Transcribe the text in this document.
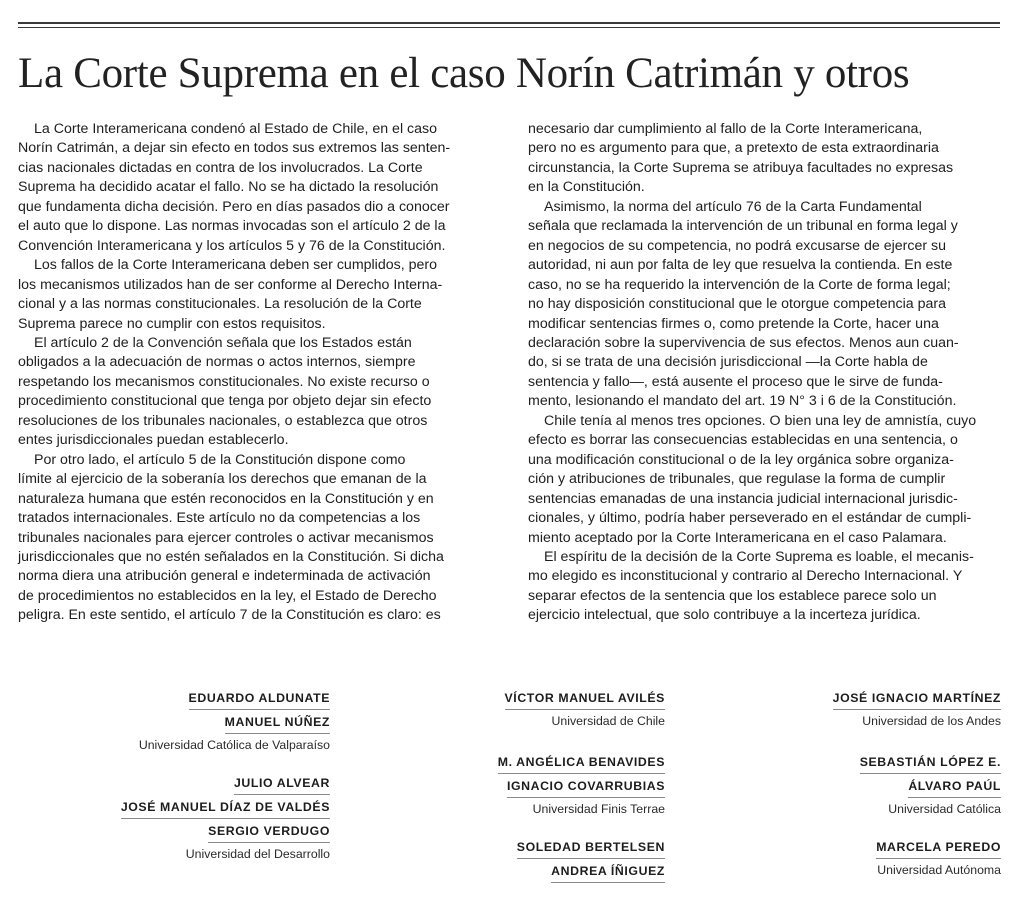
La Corte Suprema en el caso Norín Catrimán y otros

La Corte Interamericana condenó al Estado de Chile, en el caso
Norín Catrimán, a dejar sin efecto en todos sus extremos las senten-
cias nacionales dictadas en contra de los involucrados. La Corte
Suprema ha decidido acatar el fallo. No se ha dictado la resolución
que fundamenta dicha decisión. Pero en días pasados dio a conocer
el auto que lo dispone. Las normas invocadas son el artículo 2 de la
Convención Interamericana y los artículos 5 y 76 de la Constitución.

Los fallos de la Corte Interamericana deben ser cumplidos, pero
los mecanismos utilizados han de ser conforme al Derecho Interna-
cional y a las normas constitucionales. La resolución de la Corte
Suprema parece no cumplir con estos requisitos.

El artículo 2 de la Convención señala que los Estados están
obligados a la adecuación de normas o actos internos, siempre
respetando los mecanismos constitucionales. No existe recurso o
procedimiento constitucional que tenga por objeto dejar sin efecto
resoluciones de los tribunales nacionales, o establezca que otros
entes jurisdiccionales puedan establecerlo.

Por otro lado, el artículo 5 de la Constitución dispone como
límite al ejercicio de la soberanía los derechos que emanan de la
naturaleza humana que estén reconocidos en la Constitución y en
tratados internacionales. Este artículo no da competencias a los
tribunales nacionales para ejercer controles o activar mecanismos
jurisdiccionales que no estén señalados en la Constitución. Si dicha
norma diera una atribución general e indeterminada de activación
de procedimientos no establecidos en la ley, el Estado de Derecho
peligra. En este sentido, el artículo 7 de la Constitución es claro: es

necesario dar cumplimiento al fallo de la Corte Interamericana,
pero no es argumento para que, a pretexto de esta extraordinaria
circunstancia, la Corte Suprema se atribuya facultades no expresas
en la Constitución.

Asimismo, la norma del artículo 76 de la Carta Fundamental
señala que reclamada la intervención de un tribunal en forma legal y
en negocios de su competencia, no podrá excusarse de ejercer su
autoridad, ni aun por falta de ley que resuelva la contienda. En este
caso, no se ha requerido la intervención de la Corte de forma legal;
no hay disposición constitucional que le otorgue competencia para
modificar sentencias firmes o, como pretende la Corte, hacer una
declaración sobre la supervivencia de sus efectos. Menos aun cuan-
do, si se trata de una decisión jurisdiccional —la Corte habla de
sentencia y fallo—, está ausente el proceso que le sirve de funda-
mento, lesionando el mandato del art. 19 N° 3 i 6 de la Constitución.

Chile tenía al menos tres opciones. O bien una ley de amnistía, cuyo
efecto es borrar las consecuencias establecidas en una sentencia, o
una modificación constitucional o de la ley orgánica sobre organiza-
ción y atribuciones de tribunales, que regulase la forma de cumplir
sentencias emanadas de una instancia judicial internacional jurisdic-
cionales, y último, podría haber perseverado en el estándar de cumpli-
miento aceptado por la Corte Interamericana en el caso Palamara.

El espíritu de la decisión de la Corte Suprema es loable, el mecanis-
mo elegido es inconstitucional y contrario al Derecho Internacional. Y
separar efectos de la sentencia que los establece parece solo un
ejercicio intelectual, que solo contribuye a la incerteza jurídica.

EDUARDO ALDUNATE
MANUEL NÚÑEZ
Universidad Católica de Valparaíso
JULIO ALVEAR
JOSÉ MANUEL DÍAZ DE VALDÉS
SERGIO VERDUGO
Universidad del Desarrollo
VÍCTOR MANUEL AVILÉS
Universidad de Chile
M. ANGÉLICA BENAVIDES
IGNACIO COVARRUBIAS
Universidad Finis Terrae
SOLEDAD BERTELSEN
ANDREA ÍÑIGUEZ
JOSÉ IGNACIO MARTÍNEZ
Universidad de los Andes
SEBASTIÁN LÓPEZ E.
ÁLVARO PAÚL
Universidad Católica
MARCELA PEREDO
Universidad Autónoma
